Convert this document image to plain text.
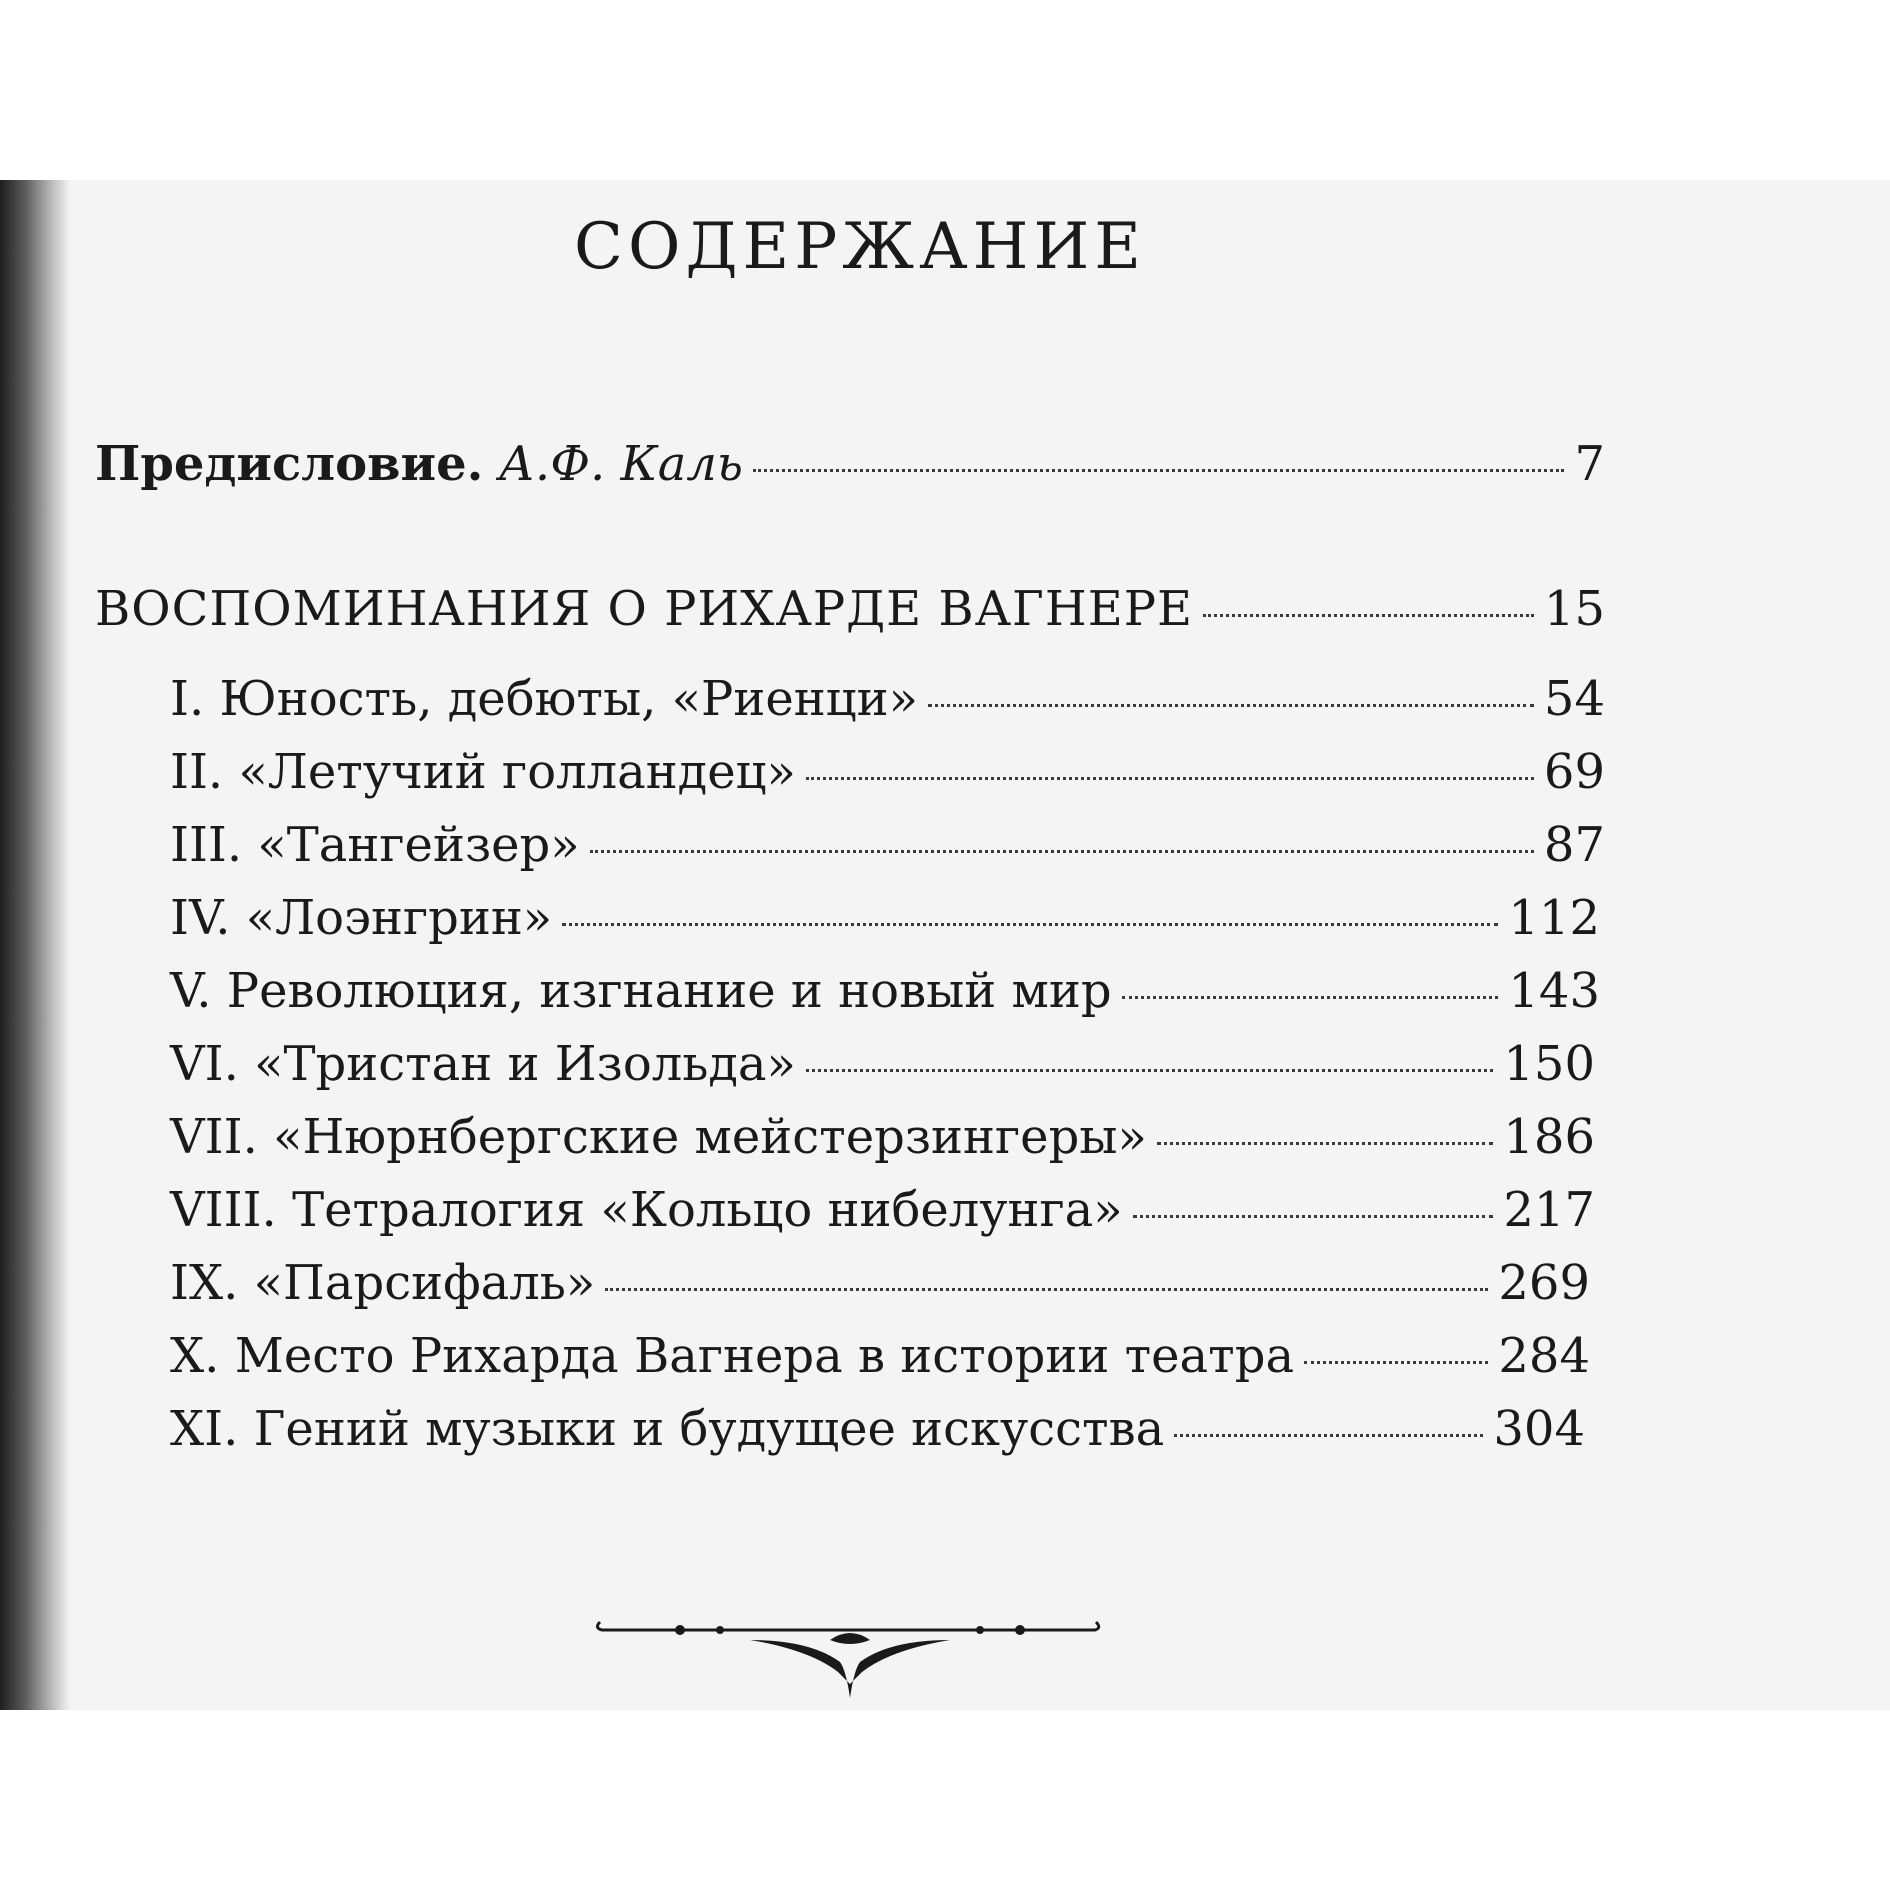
СОДЕРЖАНИЕ
Предисловие. А.Ф. Каль	7
ВОСПОМИНАНИЯ О РИХАРДЕ ВАГНЕРЕ	15
I. Юность, дебюты, «Риенци»	54
II. «Летучий голландец»	69
III. «Тангейзер»	87
IV. «Лоэнгрин»	112
V. Революция, изгнание и новый мир	143
VI. «Тристан и Изольда»	150
VII. «Нюрнбергские мейстерзингеры»	186
VIII. Тетралогия «Кольцо нибелунга»	217
IX. «Парсифаль»	269
X. Место Рихарда Вагнера в истории театра	284
XI. Гений музыки и будущее искусства	304
